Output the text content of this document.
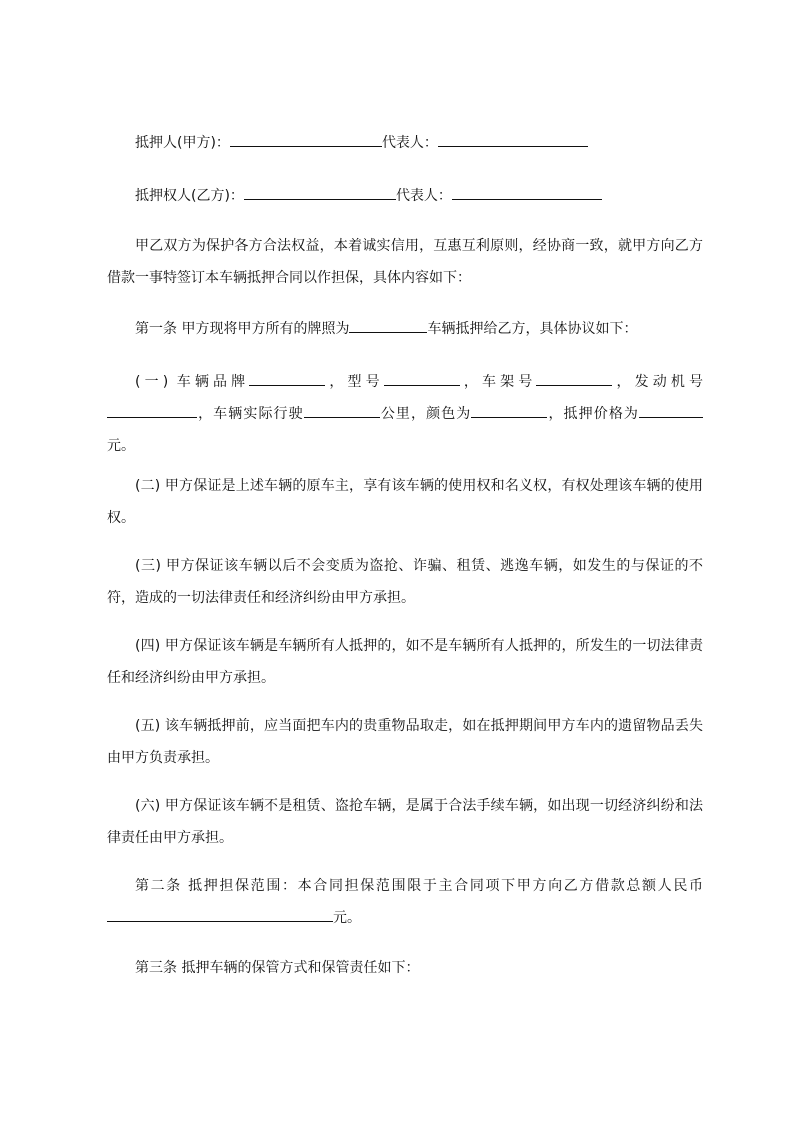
抵押人(甲方)：	代表人：
抵押权人(乙方)：	代表人：
甲乙双方为保护各方合法权益，本着诚实信用，互惠互利原则，经协商一致，就甲方向乙方借款一事特签订本车辆抵押合同以作担保，具体内容如下：
第一条 甲方现将甲方所有的牌照为	车辆抵押给乙方，具体协议如下：
(一) 车辆品牌	，型号	，车架号	，发动机号，车辆实际行驶	公里，颜色为	，抵押价格为元。
(二) 甲方保证是上述车辆的原车主，享有该车辆的使用权和名义权，有权处理该车辆的使用权。
(三) 甲方保证该车辆以后不会变质为盗抢、诈骗、租赁、逃逸车辆，如发生的与保证的不符，造成的一切法律责任和经济纠纷由甲方承担。
(四) 甲方保证该车辆是车辆所有人抵押的，如不是车辆所有人抵押的，所发生的一切法律责任和经济纠纷由甲方承担。
(五) 该车辆抵押前，应当面把车内的贵重物品取走，如在抵押期间甲方车内的遗留物品丢失由甲方负责承担。
(六) 甲方保证该车辆不是租赁、盗抢车辆，是属于合法手续车辆，如出现一切经济纠纷和法律责任由甲方承担。
第二条 抵押担保范围：本合同担保范围限于主合同项下甲方向乙方借款总额人民币元。
第三条 抵押车辆的保管方式和保管责任如下：
